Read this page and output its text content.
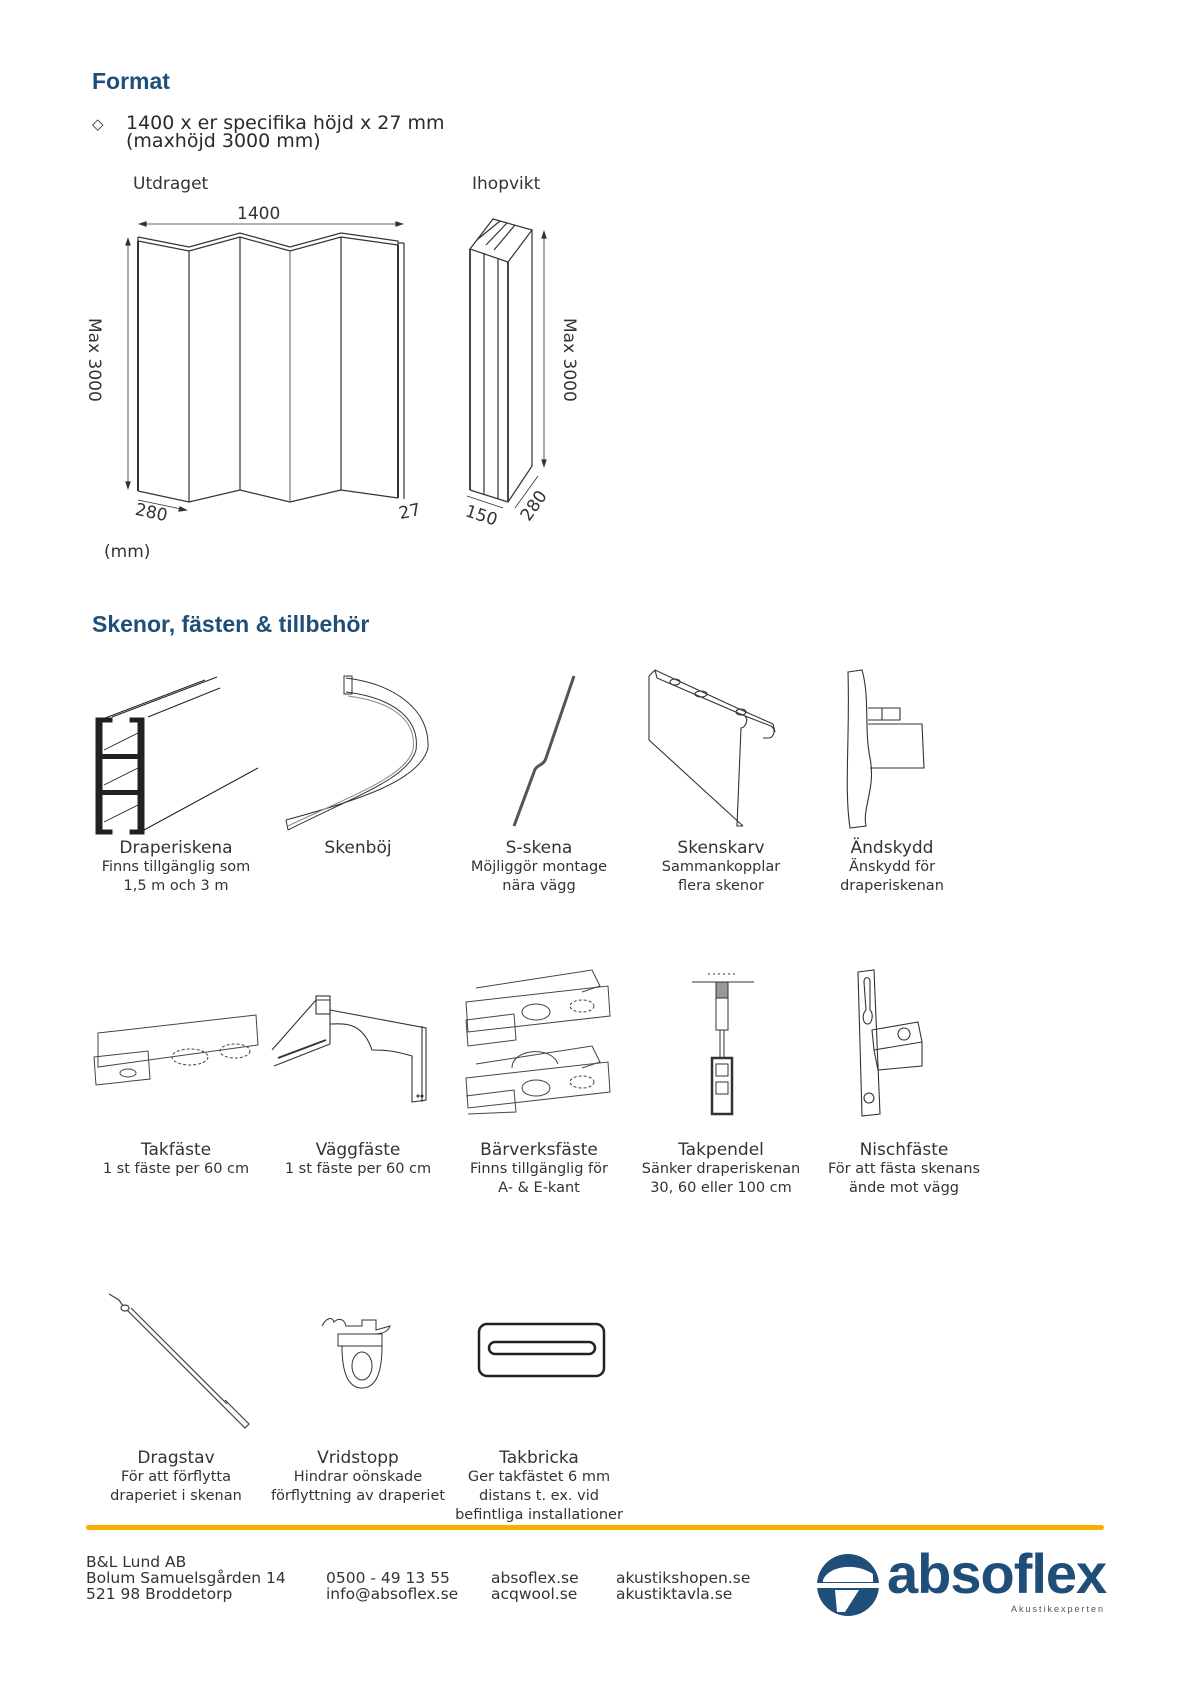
Format
◇ 1400 x er specifika höjd x 27 mm
(maxhöjd 3000 mm)
Utdraget	Ihopvikt
1400
Max 3000
280	27
Max 3000
150 280
(mm)
Skenor, fästen & tillbehör
Draperiskena
Finns tillgänglig som
1,5 m och 3 m
Skenböj	S-skena
Möjliggör montage
nära vägg
Skenskarv
Sammankopplar
flera skenor
Ändskydd
Änskydd för
draperiskenan
Takfäste
1 st fäste per 60 cm
Väggfäste
1 st fäste per 60 cm
Bärverksfäste
Finns tillgänglig för
A- & E-kant
Takpendel
Sänker draperiskenan
30, 60 eller 100 cm
Nischfäste
För att fästa skenans
ände mot vägg
Dragstav
För att förflytta
draperiet i skenan
Vridstopp
Hindrar oönskade
förflyttning av draperiet
Takbricka
Ger takfästet 6 mm
distans t. ex. vid
befintliga installationer
B&L Lund AB
Bolum Samuelsgården 14
521 98 Broddetorp
0500 - 49 13 55
info@absoflex.se
absoflex.se
acqwool.se
akustikshopen.se
akustiktavla.se	absoflex
Akustikexperten
